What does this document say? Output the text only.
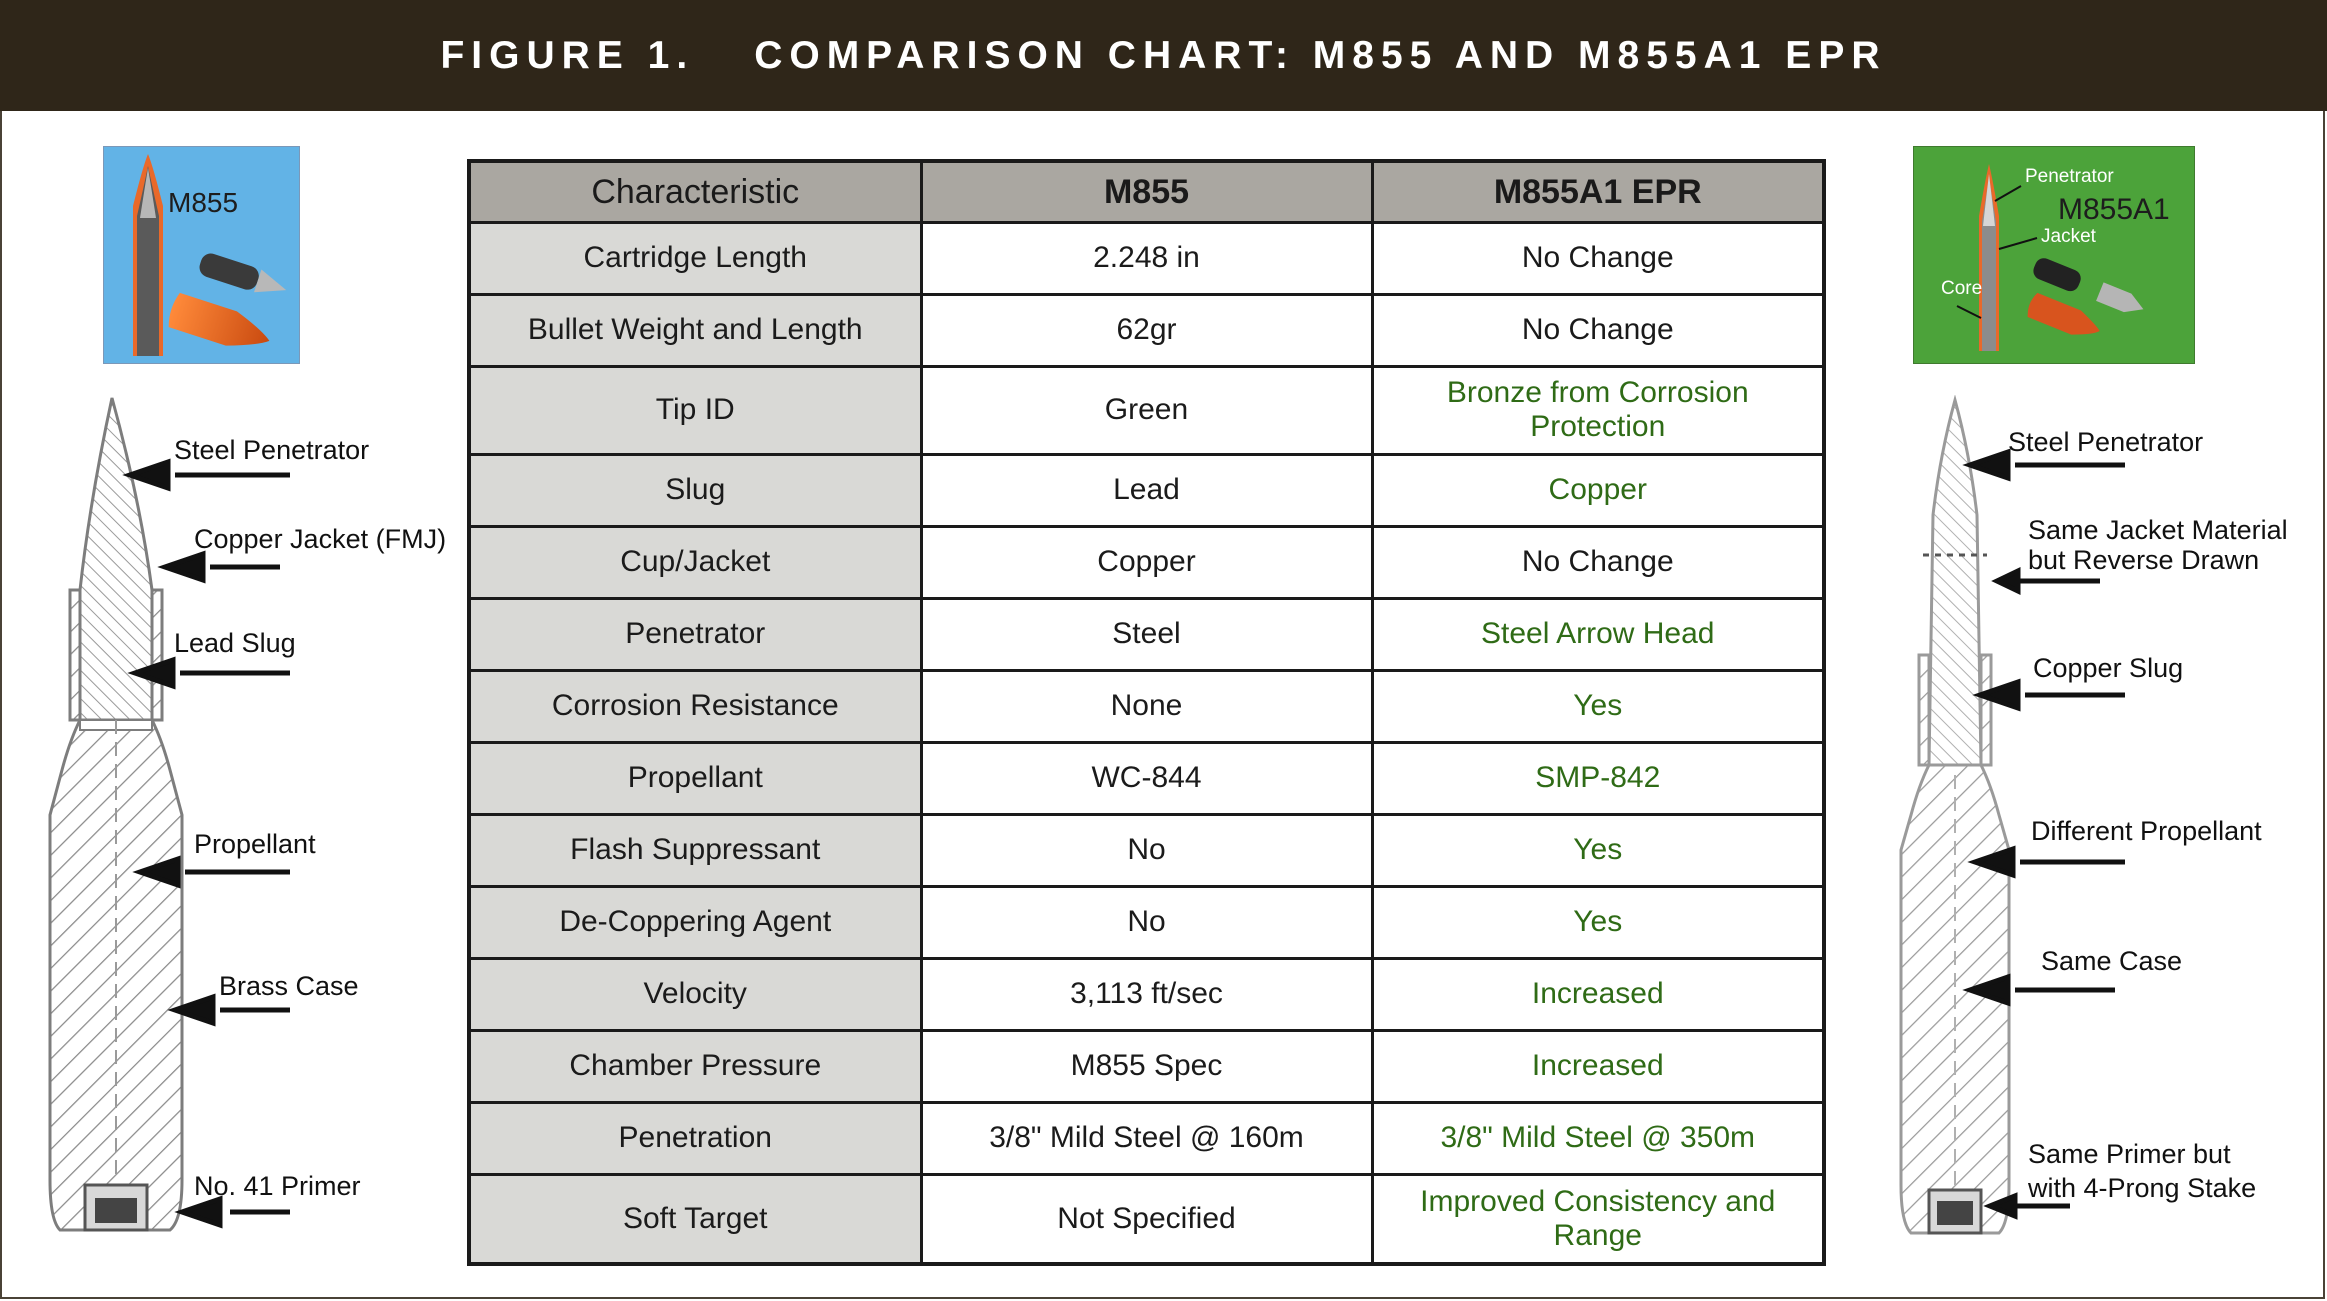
FIGURE 1. COMPARISON CHART: M855 AND M855A1 EPR
M855
Penetrator
M855A1
Jacket
Core
Steel Penetrator
Copper Jacket (FMJ)
Lead Slug
Propellant
Brass Case
No. 41 Primer
Steel Penetrator
Same Jacket Material
but Reverse Drawn
Copper Slug
Different Propellant
Same Case
Same Primer but
with 4-Prong Stake
Characteristic	M855	M855A1 EPR
Cartridge Length	2.248 in	No Change
Bullet Weight and Length	62gr	No Change
Tip ID	Green	Bronze from Corrosion Protection
Slug	Lead	Copper
Cup/Jacket	Copper	No Change
Penetrator	Steel	Steel Arrow Head
Corrosion Resistance	None	Yes
Propellant	WC-844	SMP-842
Flash Suppressant	No	Yes
De-Coppering Agent	No	Yes
Velocity	3,113 ft/sec	Increased
Chamber Pressure	M855 Spec	Increased
Penetration	3/8" Mild Steel @ 160m	3/8" Mild Steel @ 350m
Soft Target	Not Specified	Improved Consistency and Range
